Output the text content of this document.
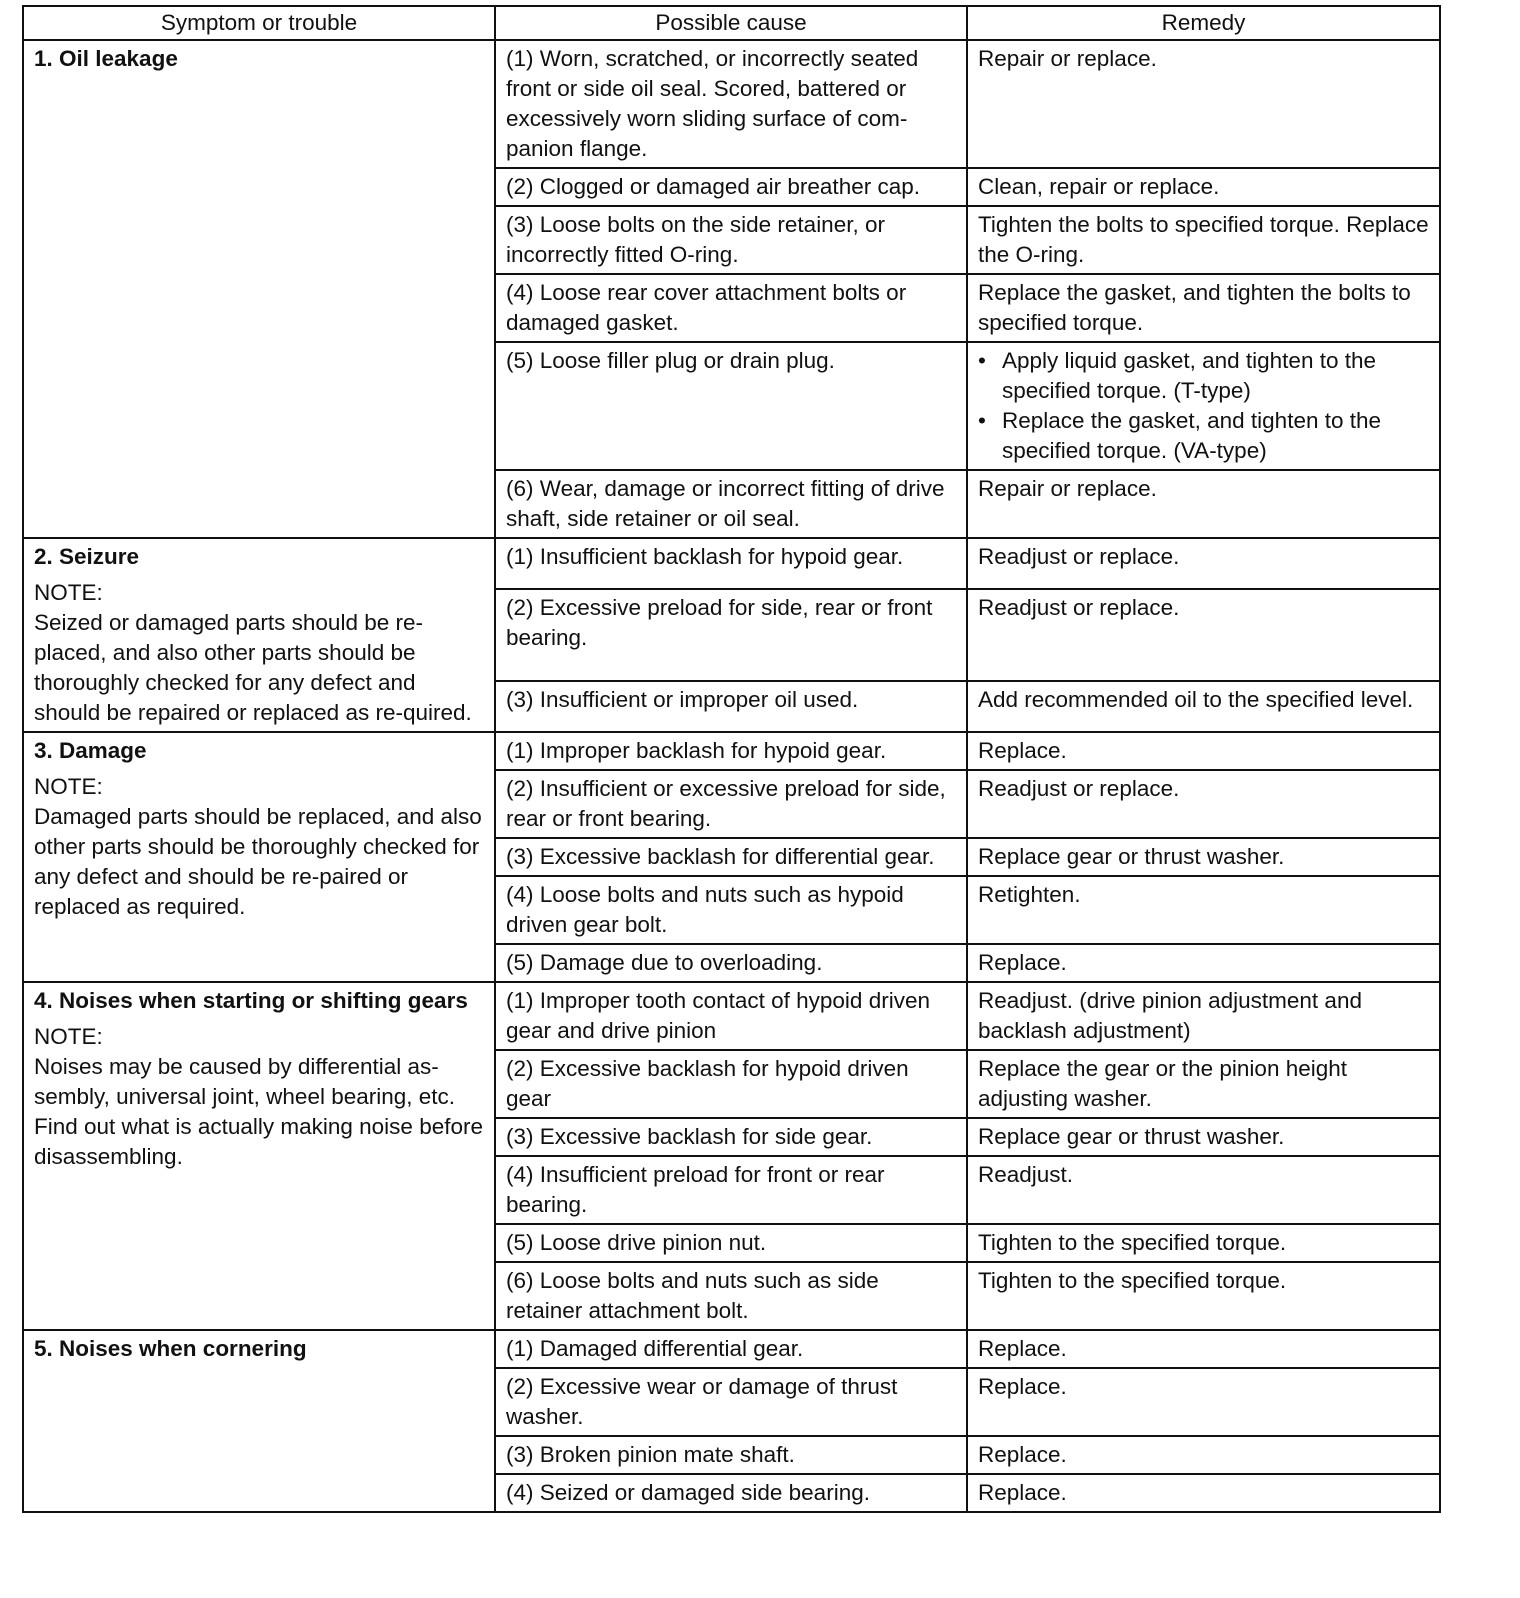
Symptom or trouble	Possible cause	Remedy

1. Oil leakage	(1) Worn, scratched, or incorrectly seated front or side oil seal. Scored, battered or excessively worn sliding surface of com-panion flange.	Repair or replace.
	(2) Clogged or damaged air breather cap.	Clean, repair or replace.
	(3) Loose bolts on the side retainer, or incorrectly fitted O-ring.	Tighten the bolts to specified torque. Replace the O-ring.
	(4) Loose rear cover attachment bolts or damaged gasket.	Replace the gasket, and tighten the bolts to specified torque.
	(5) Loose filler plug or drain plug.	• Apply liquid gasket, and tighten to the specified torque. (T-type)
• Replace the gasket, and tighten to the specified torque. (VA-type)

	(6) Wear, damage or incorrect fitting of drive shaft, side retainer or oil seal.	Repair or replace.

2. Seizure
NOTE:
Seized or damaged parts should be re-placed, and also other parts should be thoroughly checked for any defect and should be repaired or replaced as re-quired.	(1) Insufficient backlash for hypoid gear.	Readjust or replace.
	(2) Excessive preload for side, rear or front bearing.	Readjust or replace.
	(3) Insufficient or improper oil used.	Add recommended oil to the specified level.

3. Damage
NOTE:
Damaged parts should be replaced, and also other parts should be thoroughly checked for any defect and should be re-paired or replaced as required.	(1) Improper backlash for hypoid gear.	Replace.
	(2) Insufficient or excessive preload for side, rear or front bearing.	Readjust or replace.
	(3) Excessive backlash for differential gear.	Replace gear or thrust washer.
	(4) Loose bolts and nuts such as hypoid driven gear bolt.	Retighten.
	(5) Damage due to overloading.	Replace.

4. Noises when starting or shifting gears
NOTE:
Noises may be caused by differential as-sembly, universal joint, wheel bearing, etc. Find out what is actually making noise before disassembling.	(1) Improper tooth contact of hypoid driven gear and drive pinion	Readjust. (drive pinion adjustment and backlash adjustment)
	(2) Excessive backlash for hypoid driven gear	Replace the gear or the pinion height adjusting washer.
	(3) Excessive backlash for side gear.	Replace gear or thrust washer.
	(4) Insufficient preload for front or rear bearing.	Readjust.
	(5) Loose drive pinion nut.	Tighten to the specified torque.
	(6) Loose bolts and nuts such as side retainer attachment bolt.	Tighten to the specified torque.

5. Noises when cornering	(1) Damaged differential gear.	Replace.
	(2) Excessive wear or damage of thrust washer.	Replace.
	(3) Broken pinion mate shaft.	Replace.
	(4) Seized or damaged side bearing.	Replace.
